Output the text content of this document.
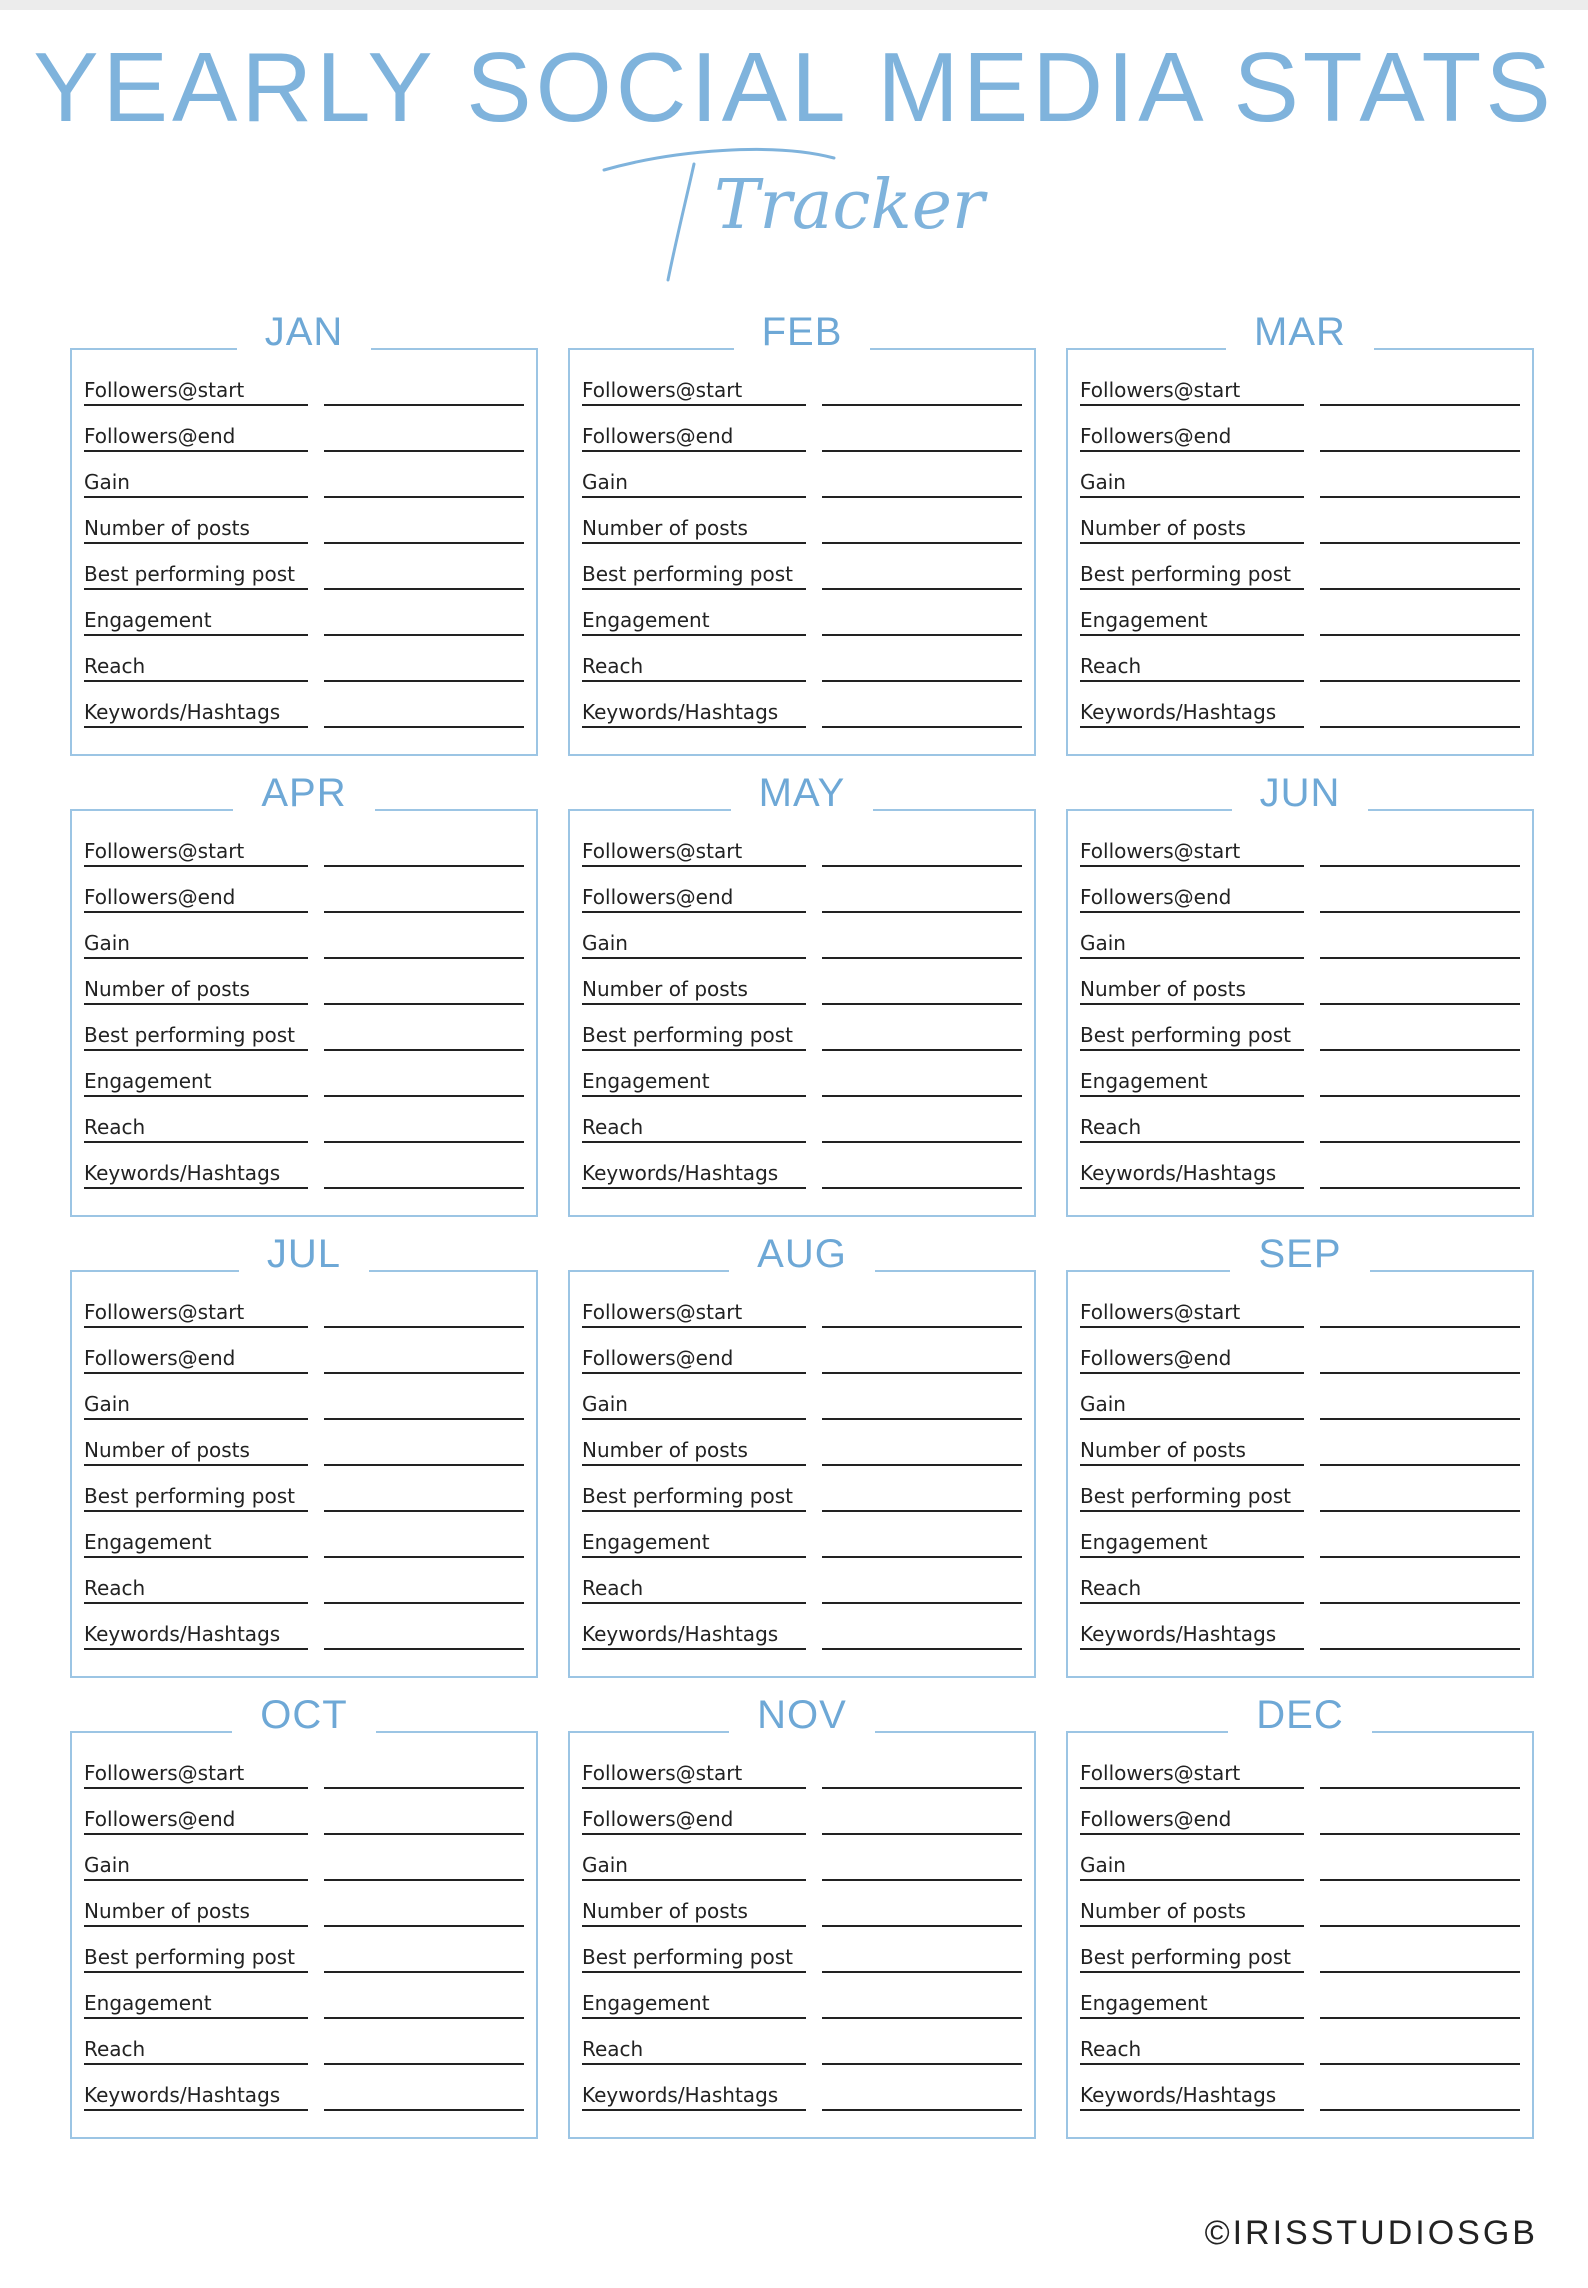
YEARLY SOCIAL MEDIA STATS
Tracker
JAN
Followers@start
Followers@end
Gain
Number of posts
Best performing post
Engagement
Reach
Keywords/Hashtags
FEB
Followers@start
Followers@end
Gain
Number of posts
Best performing post
Engagement
Reach
Keywords/Hashtags
MAR
Followers@start
Followers@end
Gain
Number of posts
Best performing post
Engagement
Reach
Keywords/Hashtags
APR
Followers@start
Followers@end
Gain
Number of posts
Best performing post
Engagement
Reach
Keywords/Hashtags
MAY
Followers@start
Followers@end
Gain
Number of posts
Best performing post
Engagement
Reach
Keywords/Hashtags
JUN
Followers@start
Followers@end
Gain
Number of posts
Best performing post
Engagement
Reach
Keywords/Hashtags
JUL
Followers@start
Followers@end
Gain
Number of posts
Best performing post
Engagement
Reach
Keywords/Hashtags
AUG
Followers@start
Followers@end
Gain
Number of posts
Best performing post
Engagement
Reach
Keywords/Hashtags
SEP
Followers@start
Followers@end
Gain
Number of posts
Best performing post
Engagement
Reach
Keywords/Hashtags
OCT
Followers@start
Followers@end
Gain
Number of posts
Best performing post
Engagement
Reach
Keywords/Hashtags
NOV
Followers@start
Followers@end
Gain
Number of posts
Best performing post
Engagement
Reach
Keywords/Hashtags
DEC
Followers@start
Followers@end
Gain
Number of posts
Best performing post
Engagement
Reach
Keywords/Hashtags
©IRISSTUDIOSGB
